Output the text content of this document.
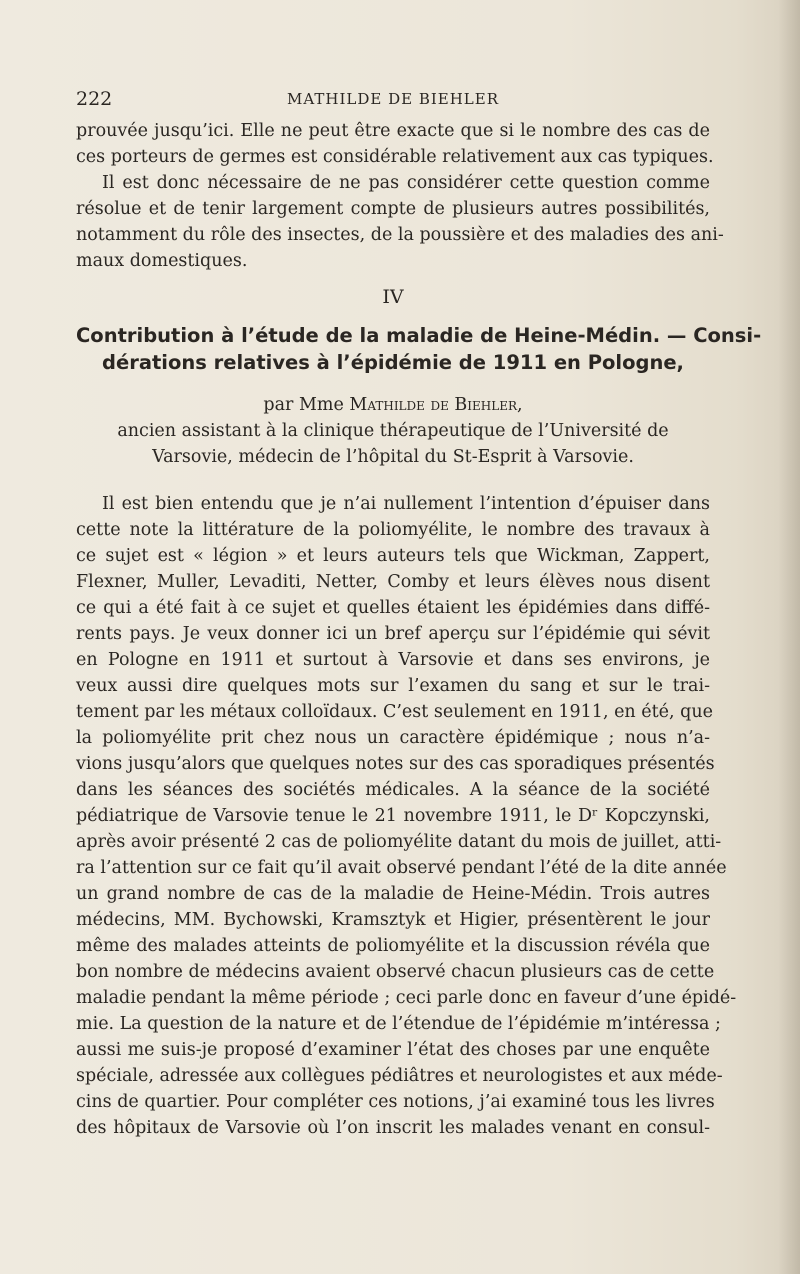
222	MATHILDE DE BIEHLER
prouvée jusqu’ici. Elle ne peut être exacte que si le nombre des cas de
ces porteurs de germes est considérable relativement aux cas typiques.
Il est donc nécessaire de ne pas considérer cette question comme
résolue et de tenir largement compte de plusieurs autres possibilités,
notamment du rôle des insectes, de la poussière et des maladies des ani-
maux domestiques.
IV
Contribution à l’étude de la maladie de Heine-Médin. — Consi-
dérations relatives à l’épidémie de 1911 en Pologne,
par Mme Mathilde de Biehler,
ancien assistant à la clinique thérapeutique de l’Université de
Varsovie, médecin de l’hôpital du St-Esprit à Varsovie.
Il est bien entendu que je n’ai nullement l’intention d’épuiser dans
cette note la littérature de la poliomyélite, le nombre des travaux à
ce sujet est « légion » et leurs auteurs tels que Wickman, Zappert,
Flexner, Muller, Levaditi, Netter, Comby et leurs élèves nous disent
ce qui a été fait à ce sujet et quelles étaient les épidémies dans diffé-
rents pays. Je veux donner ici un bref aperçu sur l’épidémie qui sévit
en Pologne en 1911 et surtout à Varsovie et dans ses environs, je
veux aussi dire quelques mots sur l’examen du sang et sur le trai-
tement par les métaux colloïdaux. C’est seulement en 1911, en été, que
la poliomyélite prit chez nous un caractère épidémique ; nous n’a-
vions jusqu’alors que quelques notes sur des cas sporadiques présentés
dans les séances des sociétés médicales. A la séance de la société
pédiatrique de Varsovie tenue le 21 novembre 1911, le Dʳ Kopczynski,
après avoir présenté 2 cas de poliomyélite datant du mois de juillet, atti-
ra l’attention sur ce fait qu’il avait observé pendant l’été de la dite année
un grand nombre de cas de la maladie de Heine-Médin. Trois autres
médecins, MM. Bychowski, Kramsztyk et Higier, présentèrent le jour
même des malades atteints de poliomyélite et la discussion révéla que
bon nombre de médecins avaient observé chacun plusieurs cas de cette
maladie pendant la même période ; ceci parle donc en faveur d’une épidé-
mie. La question de la nature et de l’étendue de l’épidémie m’intéressa ;
aussi me suis-je proposé d’examiner l’état des choses par une enquête
spéciale, adressée aux collègues pédiâtres et neurologistes et aux méde-
cins de quartier. Pour compléter ces notions, j’ai examiné tous les livres
des hôpitaux de Varsovie où l’on inscrit les malades venant en consul-
